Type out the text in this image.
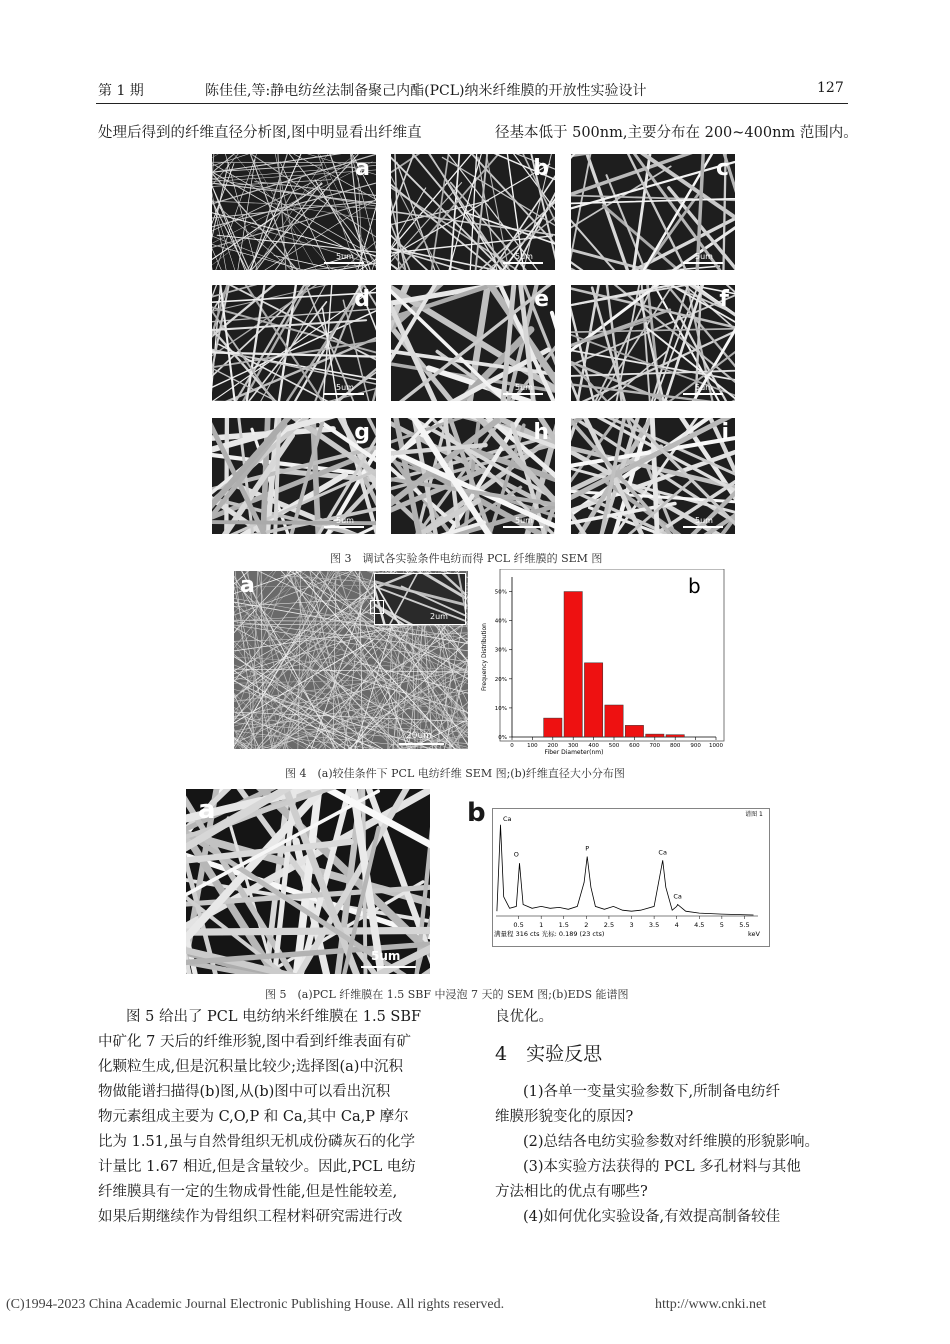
第 1 期	陈佳佳,等:静电纺丝法制备聚己内酯(PCL)纳米纤维膜的开放性实验设计	127
处理后得到的纤维直径分析图,图中明显看出纤维直	径基本低于 500nm,主要分布在 200~400nm 范围内。
a
5um
b
5um
c
5um
d
5um
e
5um
f
5um
g
5um
h
5um
i
5um
图 3　调试各实验条件电纺而得 PCL 纤维膜的 SEM 图
a
2um
20um
0 100 200 300 400 500 600 700 800 900 1000
0%
10%
20%
30%
40%
50%
Fiber Diameter(nm)
Frequency Distribution
b
图 4　(a)较佳条件下 PCL 电纺纤维 SEM 图;(b)纤维直径大小分布图
a
5um
b	谱图 1
Ca
O
P	Ca
Ca
0.5 1 1.5 2 2.5 3 3.5 4 4.5 5 5.5
keV
满量程 316 cts 光标: 0.189 (23 cts)
图 5　(a)PCL 纤维膜在 1.5 SBF 中浸泡 7 天的 SEM 图;(b)EDS 能谱图
图 5 给出了 PCL 电纺纳米纤维膜在 1.5 SBF
中矿化 7 天后的纤维形貌,图中看到纤维表面有矿
化颗粒生成,但是沉积量比较少;选择图(a)中沉积
物做能谱扫描得(b)图,从(b)图中可以看出沉积
物元素组成主要为 C,O,P 和 Ca,其中 Ca,P 摩尔
比为 1.51,虽与自然骨组织无机成份磷灰石的化学
计量比 1.67 相近,但是含量较少。因此,PCL 电纺
纤维膜具有一定的生物成骨性能,但是性能较差,
如果后期继续作为骨组织工程材料研究需进行改
良优化。
4　实验反思
(1)各单一变量实验参数下,所制备电纺纤
维膜形貌变化的原因?
(2)总结各电纺实验参数对纤维膜的形貌影响。
(3)本实验方法获得的 PCL 多孔材料与其他
方法相比的优点有哪些?
(4)如何优化实验设备,有效提高制备较佳
(C)1994-2023 China Academic Journal Electronic Publishing House. All rights reserved.	http://www.cnki.net
